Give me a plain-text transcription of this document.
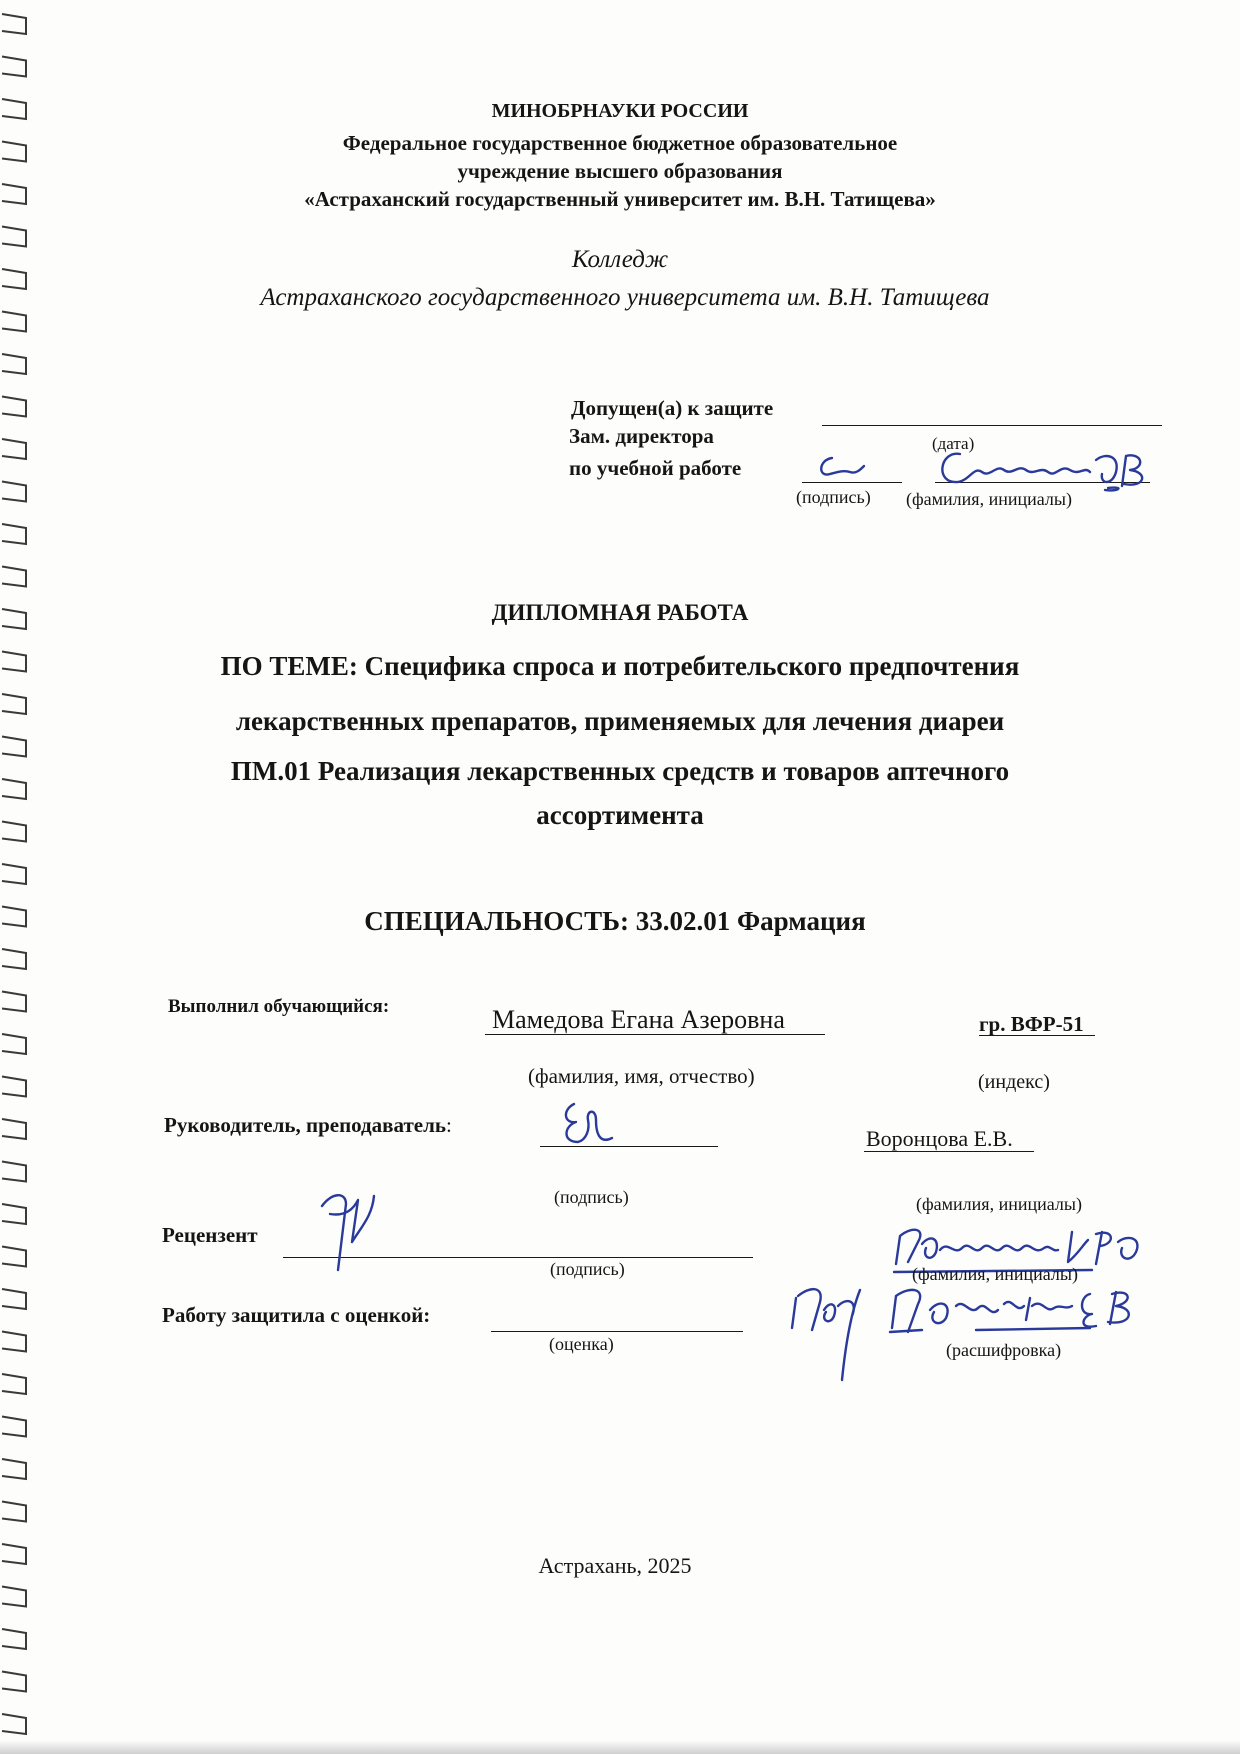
МИНОБРНАУКИ РОССИИ
Федеральное государственное бюджетное образовательное
учреждение высшего образования
«Астраханский государственный университет им. В.Н. Татищева»
Колледж
Астраханского государственного университета им. В.Н. Татищева
Допущен(а) к защите
Зам. директора	(дата)
по учебной работе
(подпись) (фамилия, инициалы)
ДИПЛОМНАЯ РАБОТА
ПО ТЕМЕ: Специфика спроса и потребительского предпочтения
лекарственных препаратов, применяемых для лечения диареи
ПМ.01 Реализация лекарственных средств и товаров аптечного
ассортимента
СПЕЦИАЛЬНОСТЬ: 33.02.01 Фармация
Выполнил обучающийся:	Мамедова Егана Азеровна	гр. ВФР-51
(фамилия, имя, отчество)	(индекс)
Руководитель, преподаватель:
Воронцова Е.В.
(подпись)	(фамилия, инициалы)
Рецензент
(подпись)	(фамилия, инициалы)
Работу защитила с оценкой:
(оценка)	(расшифровка)
Астрахань, 2025
